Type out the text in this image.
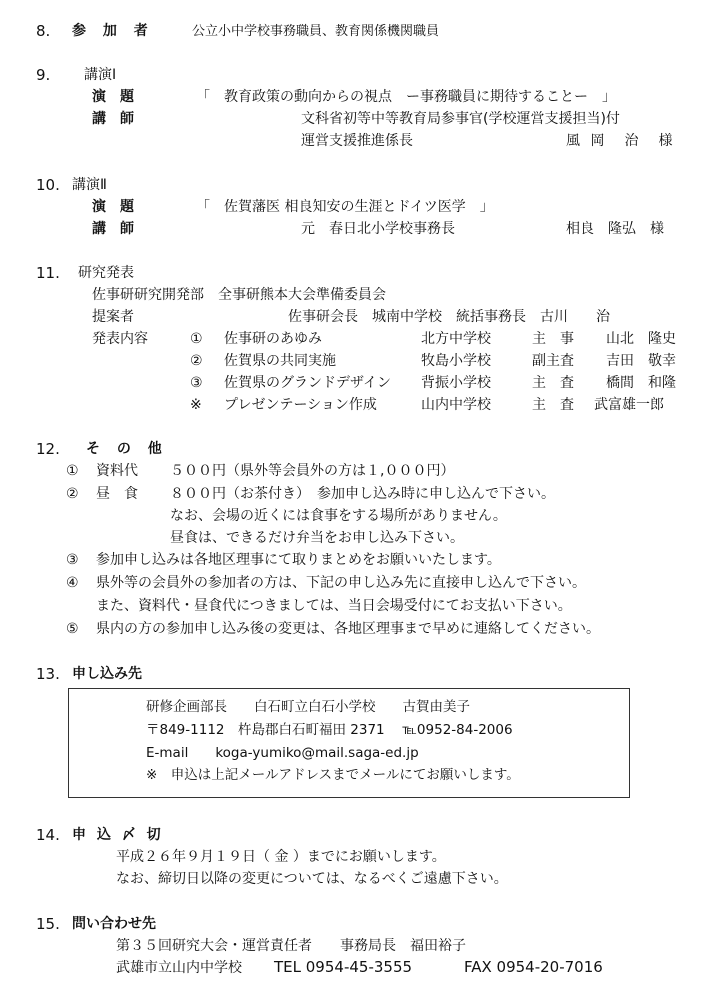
8. 参 加 者	公立小中学校事務職員、教育関係機関職員
9. 講演Ⅰ
演　題	「　教育政策の動向からの視点　ー事務職員に期待することー　」
講　師	文科省初等中等教育局参事官(学校運営支援担当)付
運営支援推進係長	風 岡　治　様
10. 講演Ⅱ
演　題	「　佐賀藩医 相良知安の生涯とドイツ医学　」
講　師	元　春日北小学校事務長	相良　隆弘　様
11. 研究発表
佐事研研究開発部　全事研熊本大会準備委員会
提案者	佐事研会長　城南中学校　統括事務長　古川　　治
発表内容	① 佐事研のあゆみ	北方中学校	主　事 山北　隆史
② 佐賀県の共同実施	牧島小学校	副主査 吉田　敬幸
③ 佐賀県のグランドデザイン 背振小学校	主　査 橋間　和隆
※ プレゼンテーション作成	山内中学校	主　査 武富雄一郎
12. そ の 他
① 資料代 ５００円（県外等会員外の方は１,０００円）
② 昼　食 ８００円（お茶付き）　参加申し込み時に申し込んで下さい。
なお、会場の近くには食事をする場所がありません。
昼食は、できるだけ弁当をお申し込み下さい。
③ 参加申し込みは各地区理事にて取りまとめをお願いいたします。
④ 県外等の会員外の参加者の方は、下記の申し込み先に直接申し込んで下さい。
また、資料代・昼食代につきましては、当日会場受付にてお支払い下さい。
⑤ 県内の方の参加申し込み後の変更は、各地区理事まで早めに連絡してください。
13. 申し込み先
研修企画部長　　白石町立白石小学校　　古賀由美子
〒849-1112　杵島郡白石町福田 2371　 ℡0952-84-2006
E-mail　　koga-yumiko@mail.saga-ed.jp
※　申込は上記メールアドレスまでメールにてお願いします。
14. 申 込 〆 切
平成２６年９月１９日（ 金 ）までにお願いします。
なお、締切日以降の変更については、なるべくご遠慮下さい。
15. 問い合わせ先
第３５回研究大会・運営責任者　　事務局長　福田裕子
武雄市立山内中学校 TEL 0954-45-3555	FAX 0954-20-7016
